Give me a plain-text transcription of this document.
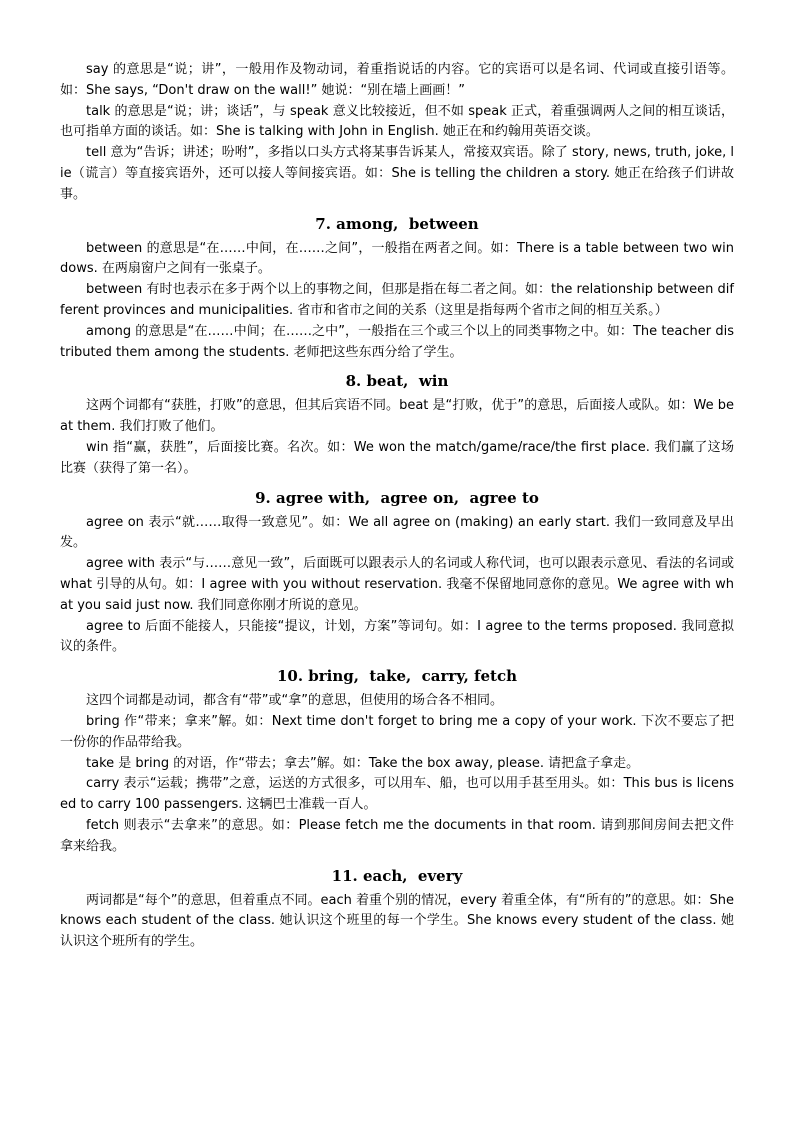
say 的意思是“说；讲”，一般用作及物动词，着重指说话的内容。它的宾语可以是名词、代词或直接引语等。如：She says, “Don't draw on the wall!” 她说：“别在墙上画画！”

talk 的意思是“说；讲；谈话”，与 speak 意义比较接近，但不如 speak 正式，着重强调两人之间的相互谈话，也可指单方面的谈话。如：She is talking with John in English. 她正在和约翰用英语交谈。

tell 意为“告诉；讲述；吩咐”，多指以口头方式将某事告诉某人，常接双宾语。除了 story, news, truth, joke, lie（谎言）等直接宾语外，还可以接人等间接宾语。如：She is telling the children a story. 她正在给孩子们讲故事。

7. among,  between

between 的意思是“在……中间，在……之间”，一般指在两者之间。如：There is a table between two windows. 在两扇窗户之间有一张桌子。

between 有时也表示在多于两个以上的事物之间，但那是指在每二者之间。如：the relationship between different provinces and municipalities. 省市和省市之间的关系（这里是指每两个省市之间的相互关系。）

among 的意思是“在……中间；在……之中”，一般指在三个或三个以上的同类事物之中。如：The teacher distributed them among the students. 老师把这些东西分给了学生。

8. beat,  win

这两个词都有“获胜，打败”的意思，但其后宾语不同。beat 是“打败，优于”的意思，后面接人或队。如：We beat them. 我们打败了他们。

win 指“赢，获胜”，后面接比赛。名次。如：We won the match/game/race/the first place. 我们赢了这场比赛（获得了第一名）。

9. agree with,  agree on,  agree to

agree on 表示“就……取得一致意见”。如：We all agree on (making) an early start. 我们一致同意及早出发。

agree with 表示“与……意见一致”，后面既可以跟表示人的名词或人称代词，也可以跟表示意见、看法的名词或 what 引导的从句。如：I agree with you without reservation. 我毫不保留地同意你的意见。We agree with what you said just now. 我们同意你刚才所说的意见。

agree to 后面不能接人，只能接“提议，计划，方案”等词句。如：I agree to the terms proposed. 我同意拟议的条件。

10. bring,  take,  carry, fetch

这四个词都是动词，都含有“带”或“拿”的意思，但使用的场合各不相同。

bring 作“带来；拿来”解。如：Next time don't forget to bring me a copy of your work. 下次不要忘了把一份你的作品带给我。

take 是 bring 的对语，作“带去；拿去”解。如：Take the box away, please. 请把盒子拿走。

carry 表示“运载；携带”之意，运送的方式很多，可以用车、船，也可以用手甚至用头。如：This bus is licensed to carry 100 passengers. 这辆巴士准载一百人。

fetch 则表示“去拿来”的意思。如：Please fetch me the documents in that room. 请到那间房间去把文件拿来给我。

11. each,  every

两词都是“每个”的意思，但着重点不同。each 着重个别的情况，every 着重全体，有“所有的”的意思。如：She knows each student of the class. 她认识这个班里的每一个学生。She knows every student of the class. 她认识这个班所有的学生。
